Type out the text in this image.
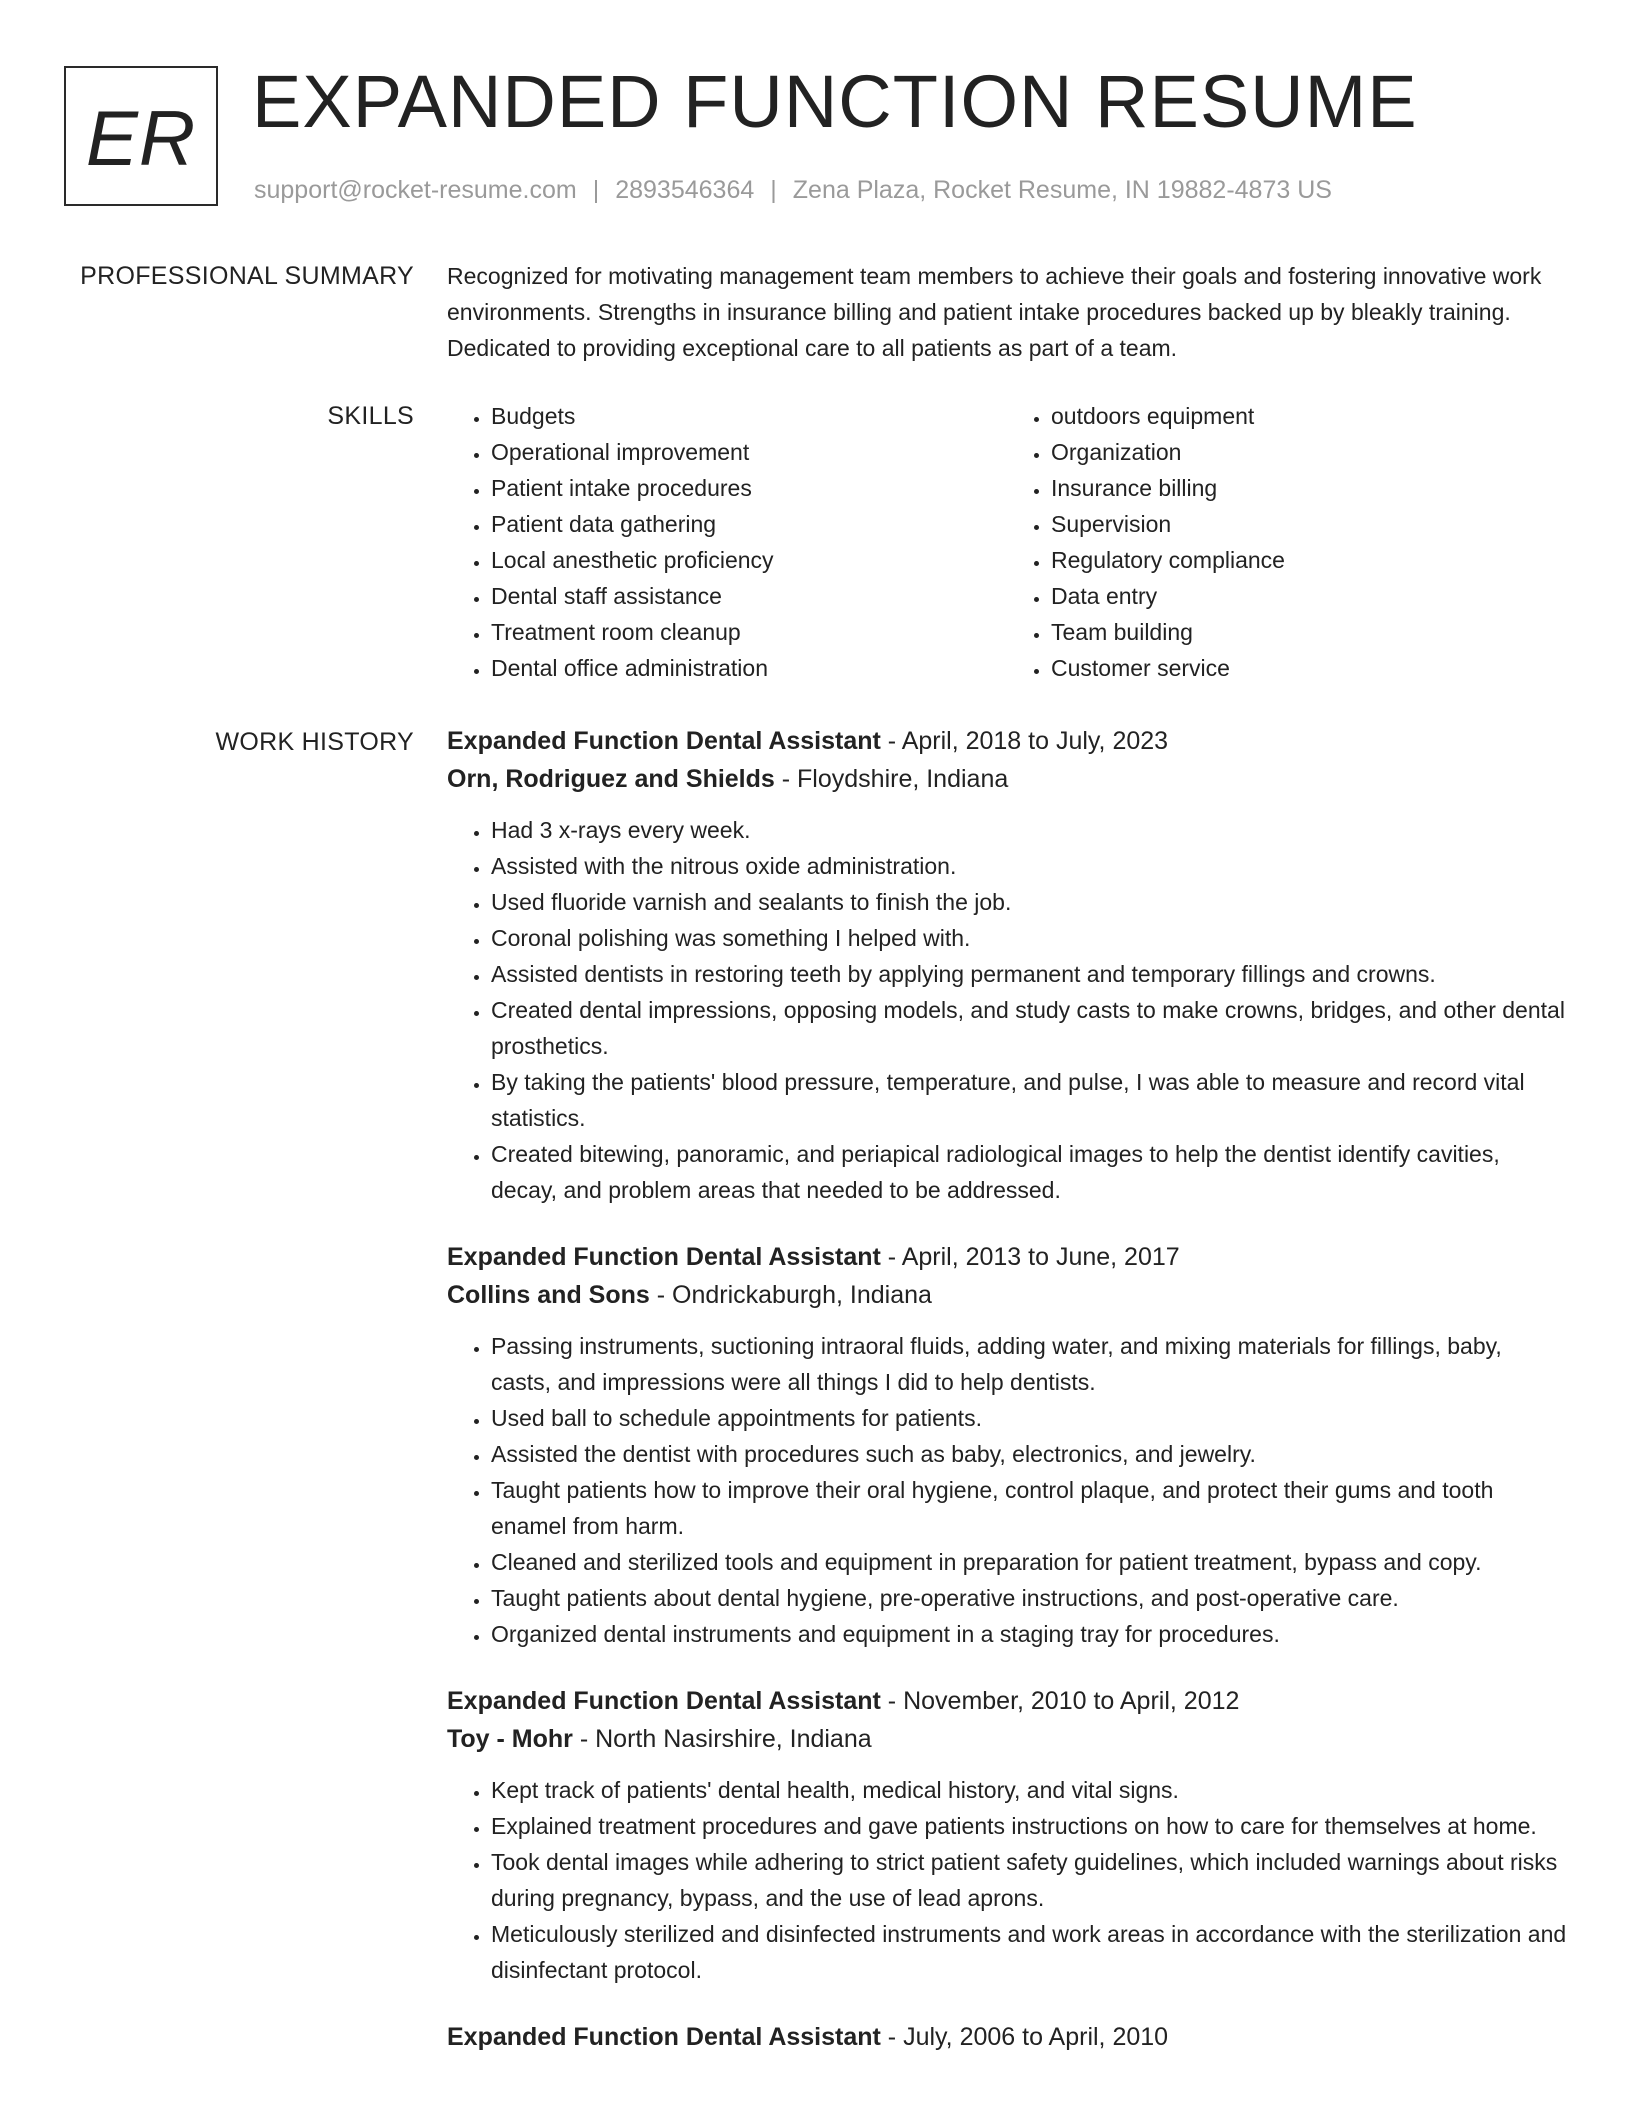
ER EXPANDED FUNCTION RESUME

support@rocket-resume.com | 2893546364 | Zena Plaza, Rocket Resume, IN 19882-4873 US

PROFESSIONAL SUMMARY Recognized for motivating management team members to achieve their goals and fostering innovative work environments. Strengths in insurance billing and patient intake procedures backed up by bleakly training. Dedicated to providing exceptional care to all patients as part of a team.

SKILLS
•	Budgets
• Operational improvement
• Patient intake procedures
• Patient data gathering
• Local anesthetic proficiency
• Dental staff assistance
• Treatment room cleanup
• Dental office administration
• outdoors equipment
• Organization
• Insurance billing
• Supervision
• Regulatory compliance
• Data entry
• Team building
• Customer service
WORK HISTORY Expanded Function Dental Assistant - April, 2018 to July, 2023
Orn, Rodriguez and Shields - Floydshire, Indiana
• Had 3 x-rays every week.
• Assisted with the nitrous oxide administration.
• Used fluoride varnish and sealants to finish the job.
• Coronal polishing was something I helped with.
• Assisted dentists in restoring teeth by applying permanent and temporary fillings and crowns.
• Created dental impressions, opposing models, and study casts to make crowns, bridges, and other dental prosthetics.
• By taking the patients' blood pressure, temperature, and pulse, I was able to measure and record vital statistics.
• Created bitewing, panoramic, and periapical radiological images to help the dentist identify cavities, decay, and problem areas that needed to be addressed.
Expanded Function Dental Assistant - April, 2013 to June, 2017
Collins and Sons - Ondrickaburgh, Indiana
• Passing instruments, suctioning intraoral fluids, adding water, and mixing materials for fillings, baby, casts, and impressions were all things I did to help dentists.
• Used ball to schedule appointments for patients.
• Assisted the dentist with procedures such as baby, electronics, and jewelry.
• Taught patients how to improve their oral hygiene, control plaque, and protect their gums and tooth enamel from harm.
• Cleaned and sterilized tools and equipment in preparation for patient treatment, bypass and copy.
• Taught patients about dental hygiene, pre-operative instructions, and post-operative care.
• Organized dental instruments and equipment in a staging tray for procedures.
Expanded Function Dental Assistant - November, 2010 to April, 2012
Toy - Mohr - North Nasirshire, Indiana
• Kept track of patients' dental health, medical history, and vital signs.
• Explained treatment procedures and gave patients instructions on how to care for themselves at home.
• Took dental images while adhering to strict patient safety guidelines, which included warnings about risks during pregnancy, bypass, and the use of lead aprons.
• Meticulously sterilized and disinfected instruments and work areas in accordance with the sterilization and disinfectant protocol.
Expanded Function Dental Assistant - July, 2006 to April, 2010
